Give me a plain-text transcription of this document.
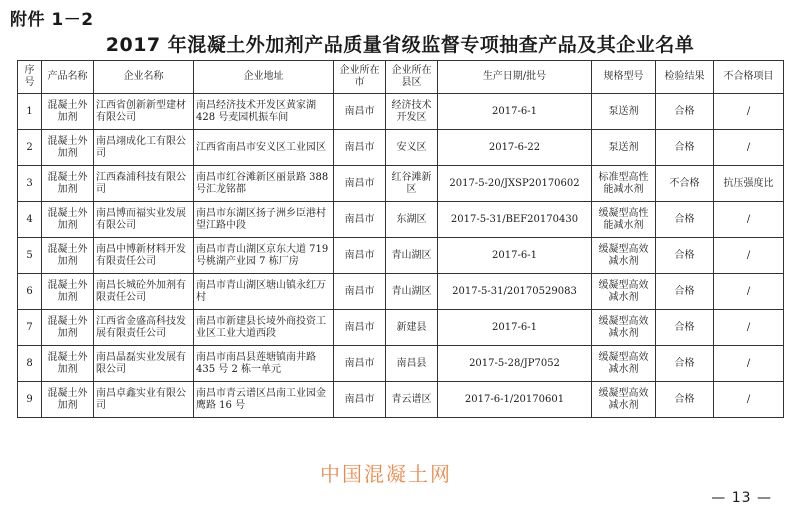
附件 1－2
2017 年混凝土外加剂产品质量省级监督专项抽查产品及其企业名单
序号	产品名称	企业名称	企业地址	企业所在市	企业所在县区	生产日期/批号	规格型号	检验结果	不合格项目
1	混凝土外加剂	江西省创新新型建材有限公司	南昌经济技术开发区黄家湖 428 号麦园机振车间	南昌市	经济技术开发区	2017-6-1	泵送剂	合格	/
2	混凝土外加剂	南昌翊成化工有限公司	江西省南昌市安义区工业园区	南昌市	安义区	2017-6-22	泵送剂	合格	/
3	混凝土外加剂	江西森浦科技有限公司	南昌市红谷滩新区丽景路 388 号汇龙铭都	南昌市	红谷滩新区	2017-5-20/JXSP20170602	标准型高性能减水剂	不合格	抗压强度比
4	混凝土外加剂	南昌博而福实业发展有限公司	南昌市东湖区扬子洲乡臣港村望江路中段	南昌市	东湖区	2017-5-31/BEF20170430	缓凝型高性能减水剂	合格	/
5	混凝土外加剂	南昌中博新材料开发有限责任公司	南昌市青山湖区京东大道 719 号桃湖产业园 7 栋厂房	南昌市	青山湖区	2017-6-1	缓凝型高效减水剂	合格	/
6	混凝土外加剂	南昌长城砼外加剂有限责任公司	南昌市青山湖区塘山镇永红万村	南昌市	青山湖区	2017-5-31/20170529083	缓凝型高效减水剂	合格	/
7	混凝土外加剂	江西省金盛高科技发展有限责任公司	南昌市新建县长堎外商投资工业区工业大道西段	南昌市	新建县	2017-6-1	缓凝型高效减水剂	合格	/
8	混凝土外加剂	南昌晶磊实业发展有限公司	南昌市南昌县莲塘镇南井路 435 号 2 栋一单元	南昌市	南昌县	2017-5-28/JP7052	缓凝型高效减水剂	合格	/
9	混凝土外加剂	南昌卓鑫实业有限公司	南昌市青云谱区昌南工业园金鹰路 16 号	南昌市	青云谱区	2017-6-1/20170601	缓凝型高效减水剂	合格	/
中国混凝土网
— 13 —
